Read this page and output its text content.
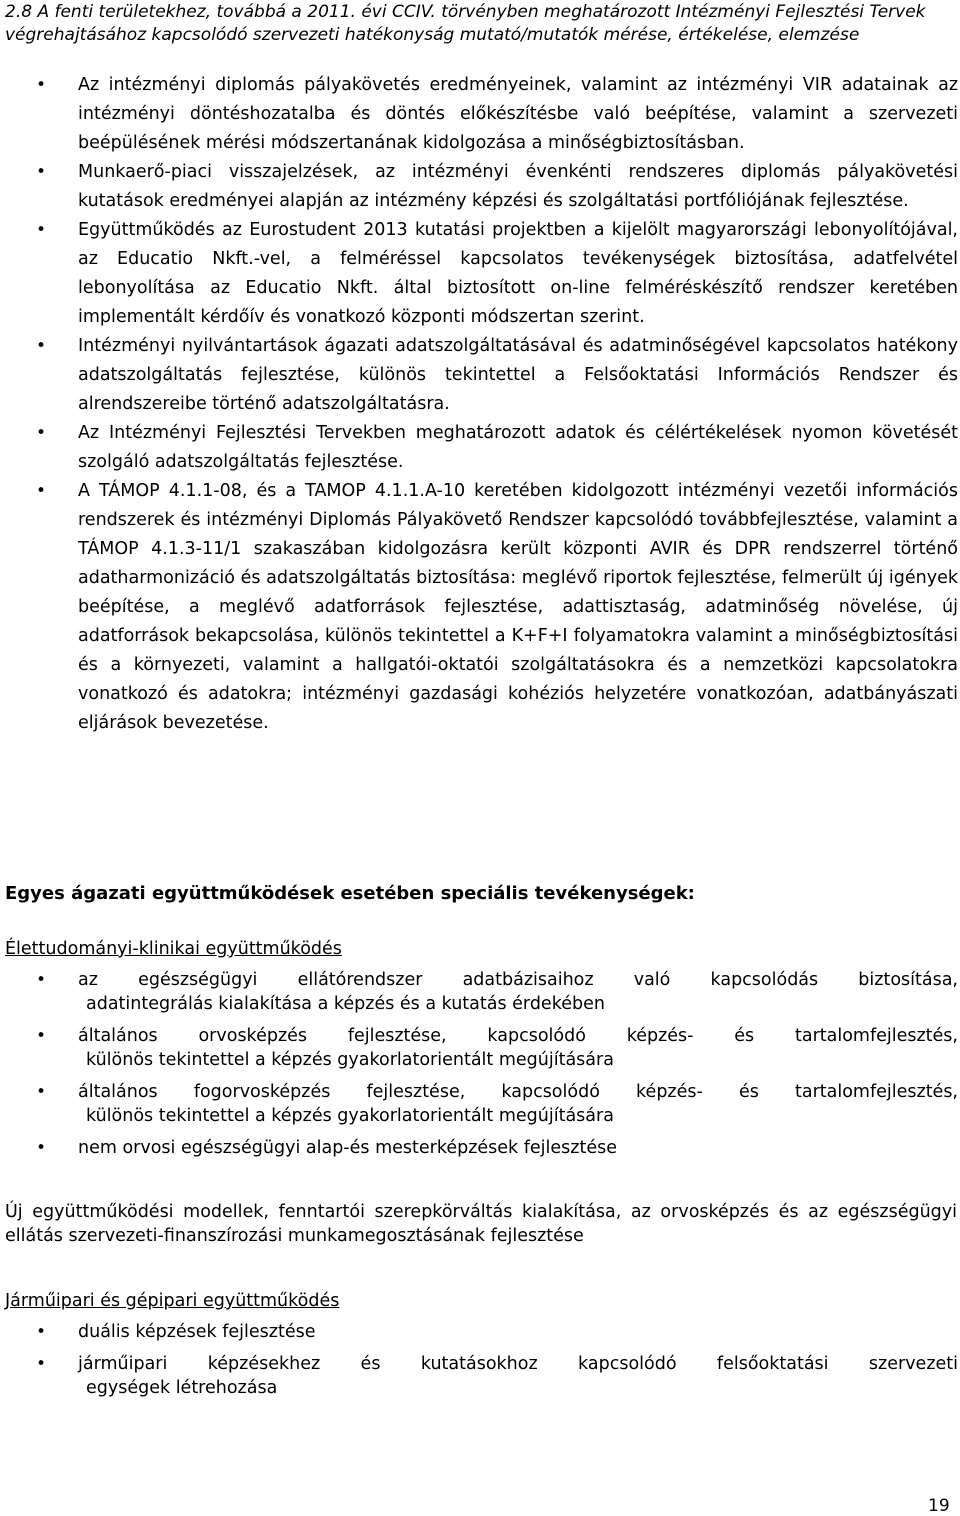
2.8 A fenti területekhez, továbbá a 2011. évi CCIV. törvényben meghatározott Intézményi Fejlesztési Tervek végrehajtásához kapcsolódó szervezeti hatékonyság mutató/mutatók mérése, értékelése, elemzése

• Az intézményi diplomás pályakövetés eredményeinek, valamint az intézményi VIR adatainak az intézményi döntéshozatalba és döntés előkészítésbe való beépítése, valamint a szervezeti beépülésének mérési módszertanának kidolgozása a minőségbiztosításban.
• Munkaerő-piaci visszajelzések, az intézményi évenkénti rendszeres diplomás pályakövetési kutatások eredményei alapján az intézmény képzési és szolgáltatási portfóliójának fejlesztése.
• Együttműködés az Eurostudent 2013 kutatási projektben a kijelölt magyarországi lebonyolítójával, az Educatio Nkft.-vel, a felméréssel kapcsolatos tevékenységek biztosítása, adatfelvétel lebonyolítása az Educatio Nkft. által biztosított on-line felméréskészítő rendszer keretében implementált kérdőív és vonatkozó központi módszertan szerint.
• Intézményi nyilvántartások ágazati adatszolgáltatásával és adatminőségével kapcsolatos hatékony adatszolgáltatás fejlesztése, különös tekintettel a Felsőoktatási Információs Rendszer és alrendszereibe történő adatszolgáltatásra.
• Az Intézményi Fejlesztési Tervekben meghatározott adatok és célértékelések nyomon követését szolgáló adatszolgáltatás fejlesztése.
• A TÁMOP 4.1.1-08, és a TAMOP 4.1.1.A-10 keretében kidolgozott intézményi vezetői információs rendszerek és intézményi Diplomás Pályakövető Rendszer kapcsolódó továbbfejlesztése, valamint a TÁMOP 4.1.3-11/1 szakaszában kidolgozásra került központi AVIR és DPR rendszerrel történő adatharmonizáció és adatszolgáltatás biztosítása: meglévő riportok fejlesztése, felmerült új igények beépítése, a meglévő adatforrások fejlesztése, adattisztaság, adatminőség növelése, új adatforrások bekapcsolása, különös tekintettel a K+F+I folyamatokra valamint a minőségbiztosítási és a környezeti, valamint a hallgatói-oktatói szolgáltatásokra és a nemzetközi kapcsolatokra vonatkozó és adatokra; intézményi gazdasági kohéziós helyzetére vonatkozóan, adatbányászati eljárások bevezetése.

Egyes ágazati együttműködések esetében speciális tevékenységek:

Élettudományi-klinikai együttműködés

• az egészségügyi ellátórendszer adatbázisaihoz való kapcsolódás biztosítása,
adatintegrálás kialakítása a képzés és a kutatás érdekében
• általános orvosképzés fejlesztése, kapcsolódó képzés- és tartalomfejlesztés,
különös tekintettel a képzés gyakorlatorientált megújítására
• általános fogorvosképzés fejlesztése, kapcsolódó képzés- és tartalomfejlesztés,
különös tekintettel a képzés gyakorlatorientált megújítására
• nem orvosi egészségügyi alap-és mesterképzések fejlesztése

Új együttműködési modellek, fenntartói szerepkörváltás kialakítása, az orvosképzés és az egészségügyi ellátás szervezeti-finanszírozási munkamegosztásának fejlesztése

Járműipari és gépipari együttműködés

• duális képzések fejlesztése
• járműipari képzésekhez és kutatásokhoz kapcsolódó felsőoktatási szervezeti
egységek létrehozása

19
